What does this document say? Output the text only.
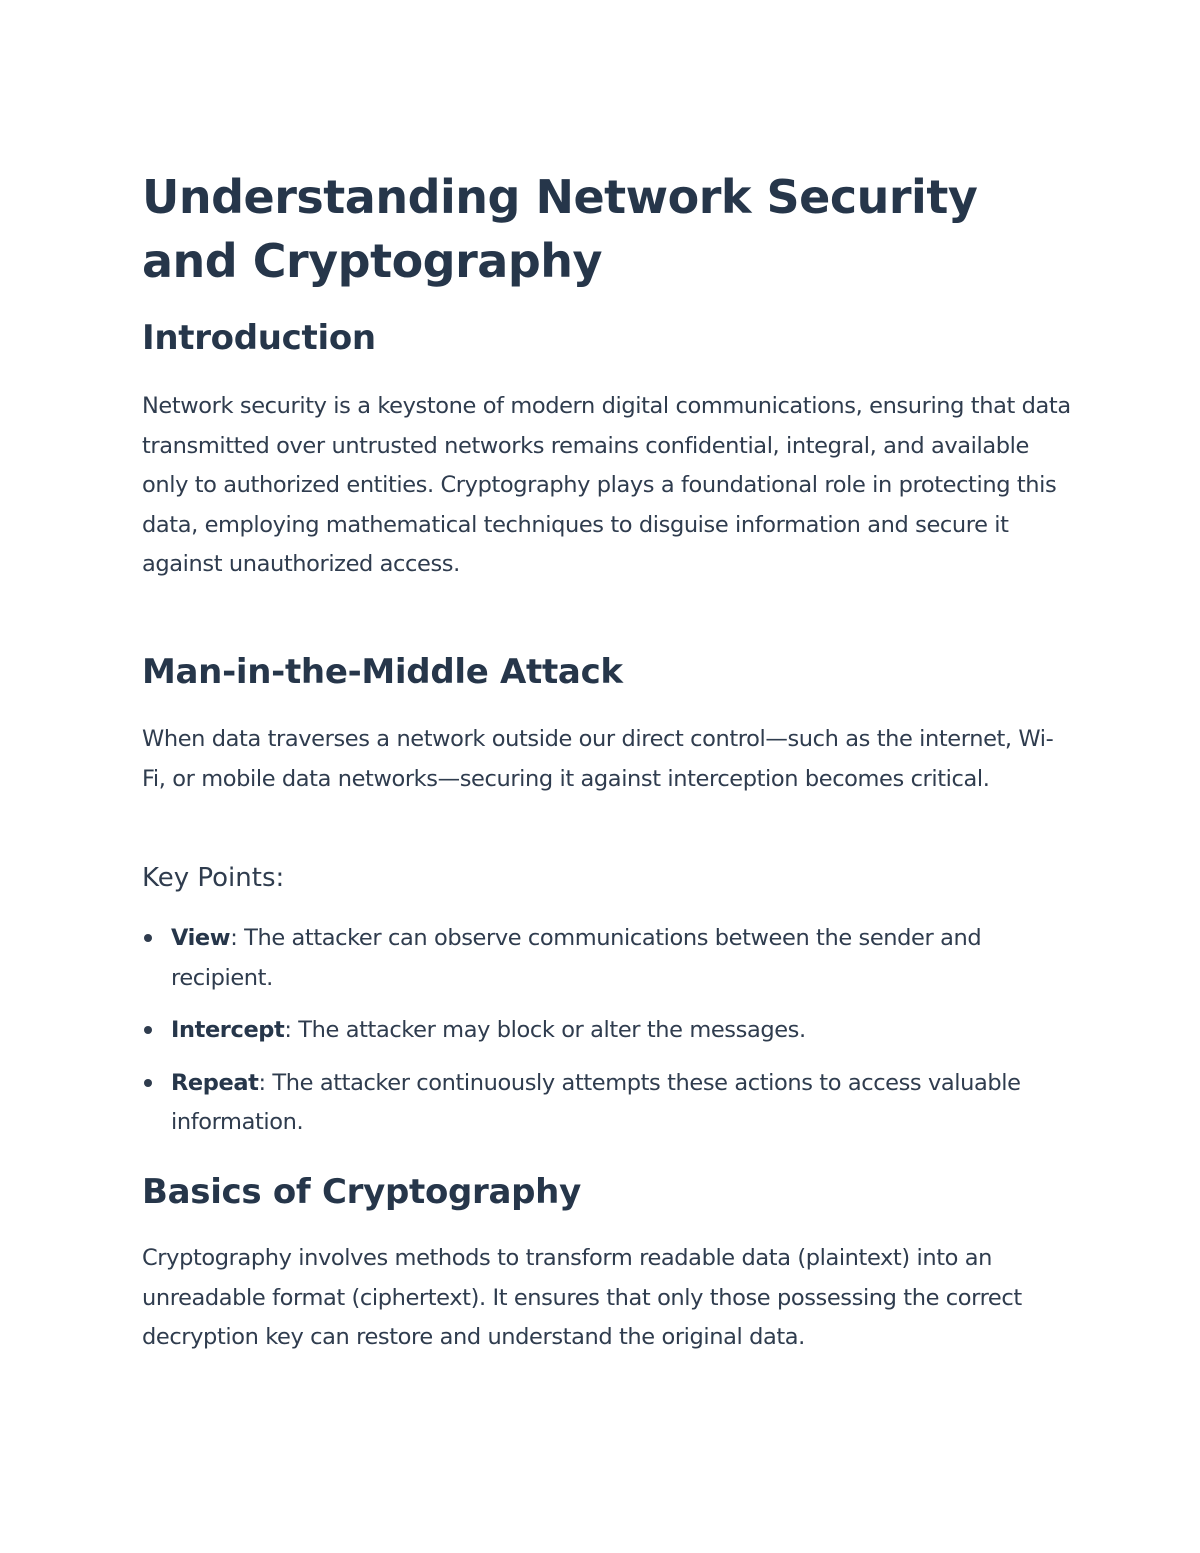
Understanding Network Security and Cryptography
Introduction

Network security is a keystone of modern digital communications, ensuring that data transmitted over untrusted networks remains confidential, integral, and available only to authorized entities. Cryptography plays a foundational role in protecting this data, employing mathematical techniques to disguise information and secure it against unauthorized access.

Man-in-the-Middle Attack

When data traverses a network outside our direct control—such as the internet, Wi-Fi, or mobile data networks—securing it against interception becomes critical.

Key Points:
View: The attacker can observe communications between the sender and recipient.
Intercept: The attacker may block or alter the messages.
Repeat: The attacker continuously attempts these actions to access valuable information.
Basics of Cryptography

Cryptography involves methods to transform readable data (plaintext) into an unreadable format (ciphertext). It ensures that only those possessing the correct decryption key can restore and understand the original data.
